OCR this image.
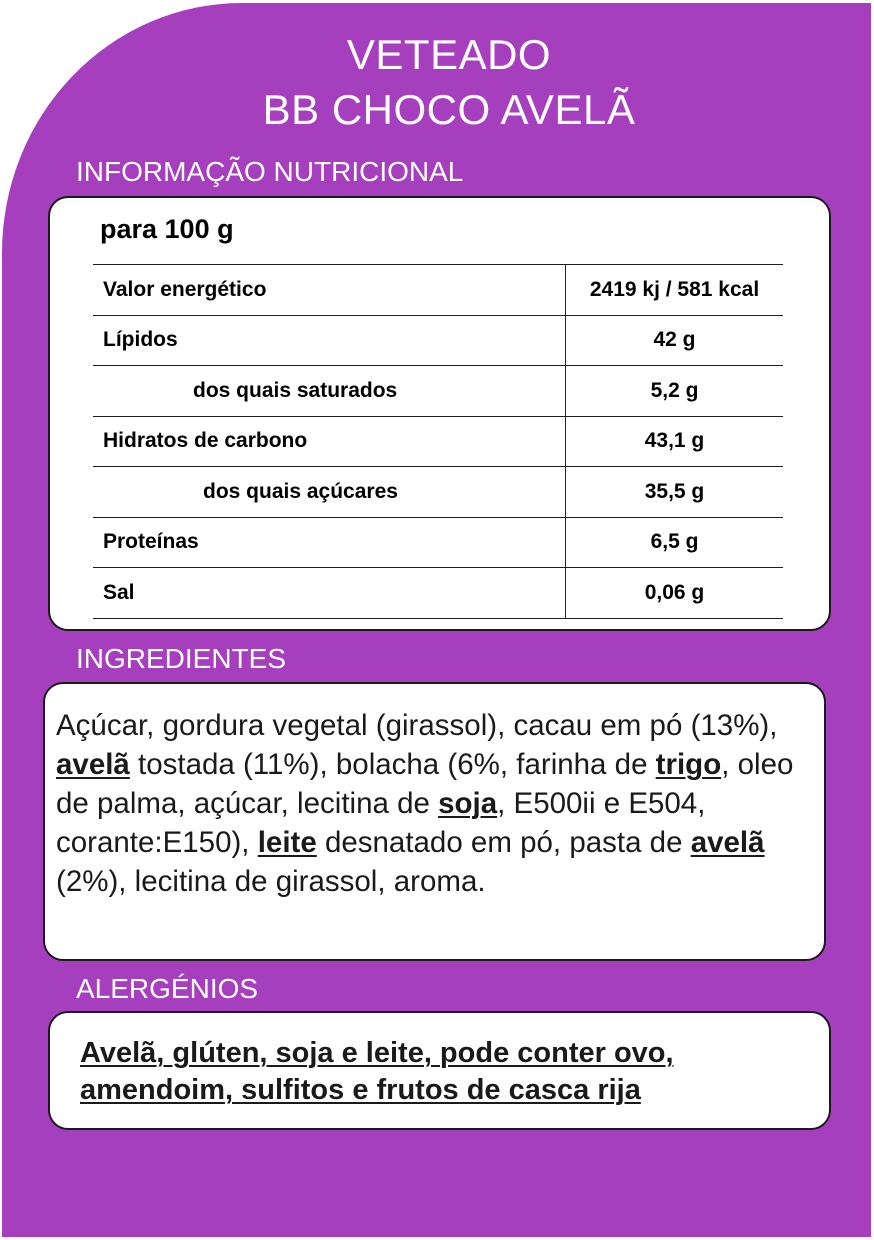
VETEADO
BB CHOCO AVELÃ
INFORMAÇÃO NUTRICIONAL
para 100 g
Valor energético	2419 kj / 581 kcal
Lípidos	42 g
dos quais saturados	5,2 g
Hidratos de carbono	43,1 g
dos quais açúcares	35,5 g
Proteínas	6,5 g
Sal	0,06 g
INGREDIENTES
Açúcar, gordura vegetal (girassol), cacau em pó (13%), avelã tostada (11%), bolacha (6%, farinha de trigo, oleo de palma, açúcar, lecitina de soja, E500ii e E504, corante:E150), leite desnatado em pó, pasta de avelã (2%), lecitina de girassol, aroma.
ALERGÉNIOS
Avelã, glúten, soja e leite, pode conter ovo, amendoim, sulfitos e frutos de casca rija
